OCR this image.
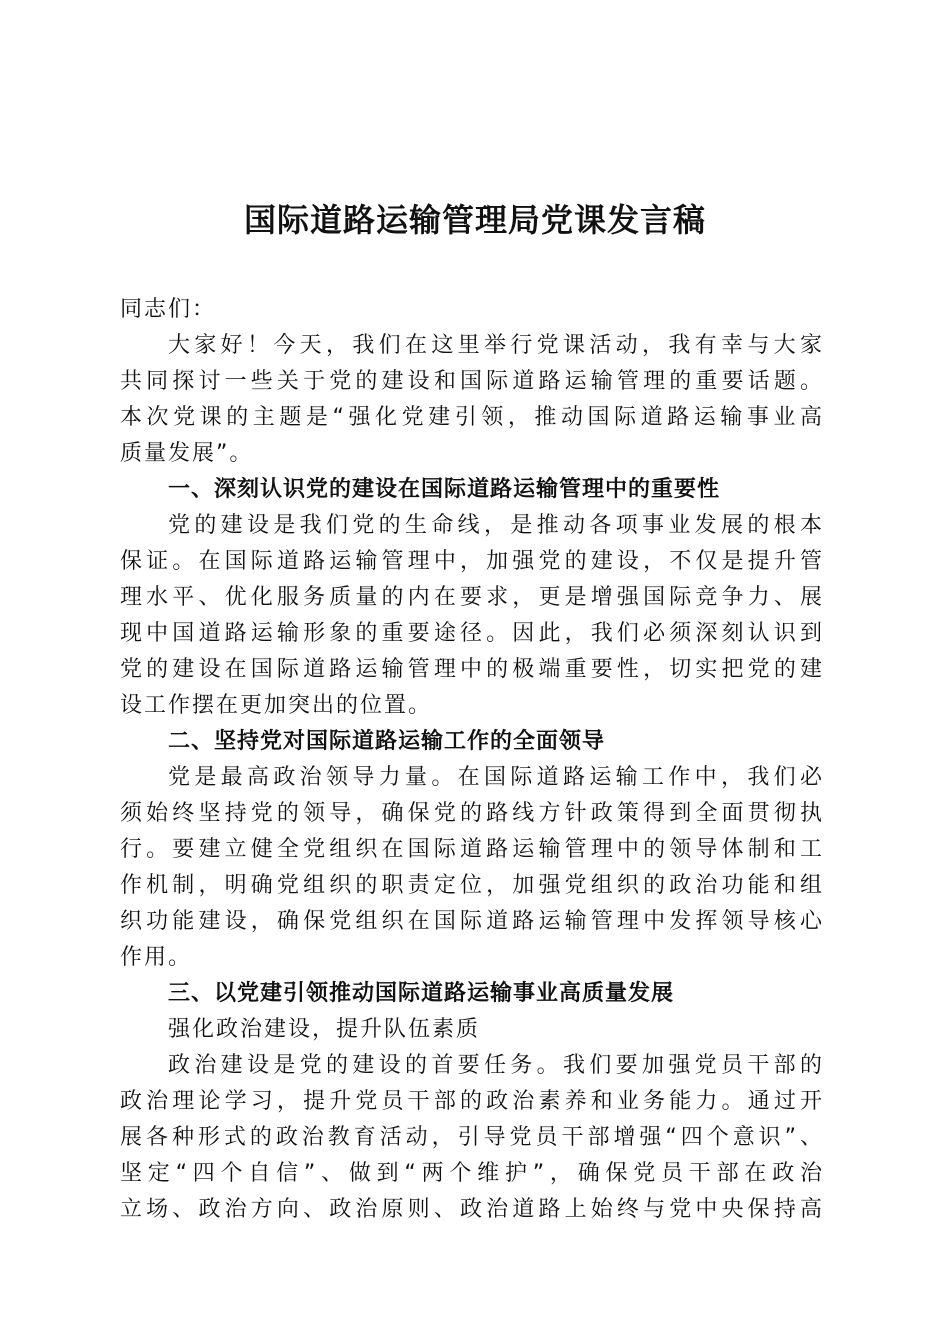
国际道路运输管理局党课发言稿
同志们：
大家好！今天，我们在这里举行党课活动，我有幸与大家
共同探讨一些关于党的建设和国际道路运输管理的重要话题。
本次党课的主题是“强化党建引领，推动国际道路运输事业高
质量发展”。
一、深刻认识党的建设在国际道路运输管理中的重要性
党的建设是我们党的生命线，是推动各项事业发展的根本
保证。在国际道路运输管理中，加强党的建设，不仅是提升管
理水平、优化服务质量的内在要求，更是增强国际竞争力、展
现中国道路运输形象的重要途径。因此，我们必须深刻认识到
党的建设在国际道路运输管理中的极端重要性，切实把党的建
设工作摆在更加突出的位置。
二、坚持党对国际道路运输工作的全面领导
党是最高政治领导力量。在国际道路运输工作中，我们必
须始终坚持党的领导，确保党的路线方针政策得到全面贯彻执
行。要建立健全党组织在国际道路运输管理中的领导体制和工
作机制，明确党组织的职责定位，加强党组织的政治功能和组
织功能建设，确保党组织在国际道路运输管理中发挥领导核心
作用。
三、以党建引领推动国际道路运输事业高质量发展
强化政治建设，提升队伍素质
政治建设是党的建设的首要任务。我们要加强党员干部的
政治理论学习，提升党员干部的政治素养和业务能力。通过开
展各种形式的政治教育活动，引导党员干部增强“四个意识”、
坚定“四个自信”、做到“两个维护”，确保党员干部在政治
立场、政治方向、政治原则、政治道路上始终与党中央保持高
